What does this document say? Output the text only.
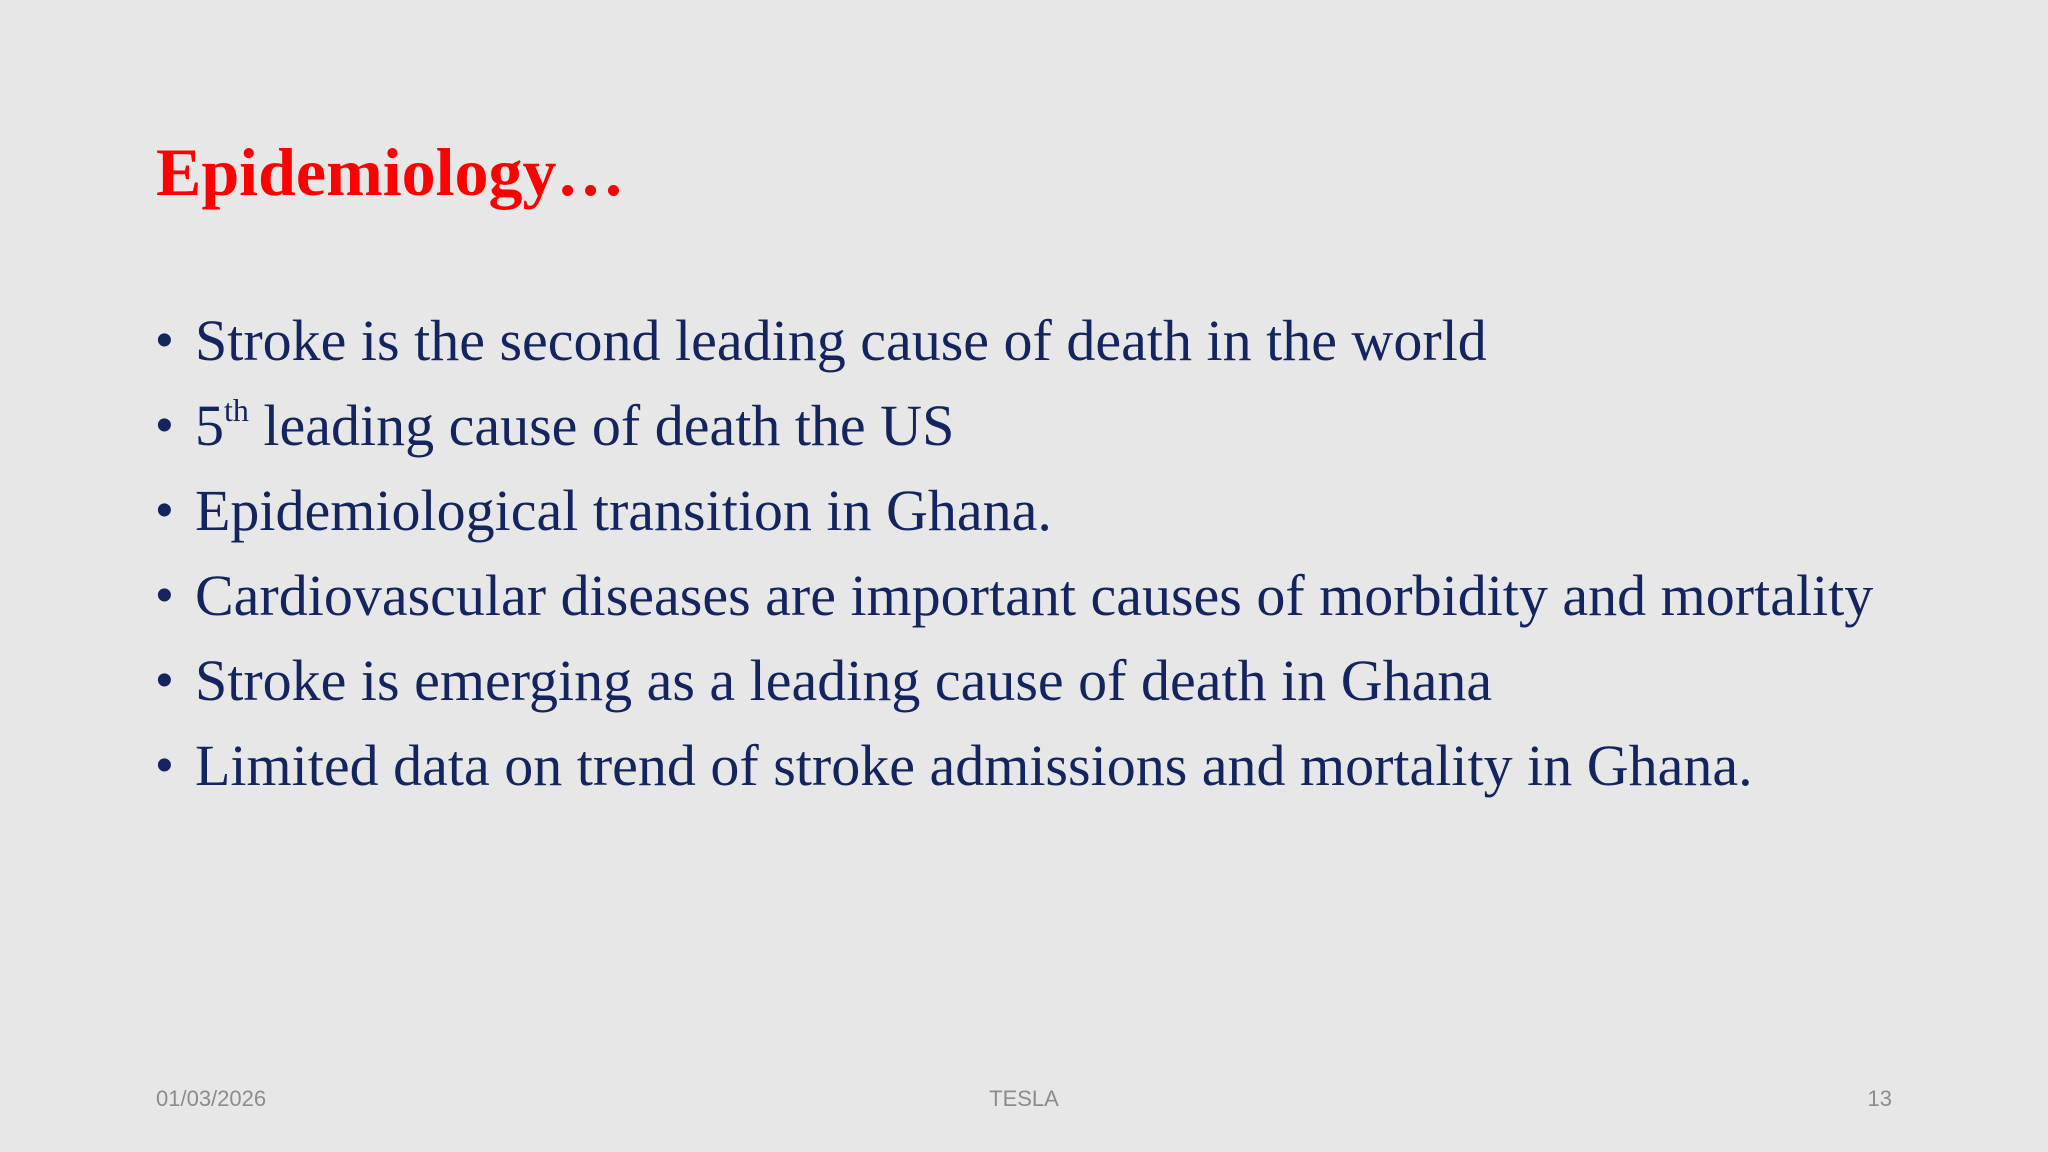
Epidemiology…
• Stroke is the second leading cause of death in the world
• 5th leading cause of death the US
• Epidemiological transition in Ghana.
• Cardiovascular diseases are important causes of morbidity and mortality
• Stroke is emerging as a leading cause of death in Ghana
• Limited data on trend of stroke admissions and mortality in Ghana.
01/03/2026	TESLA	13
